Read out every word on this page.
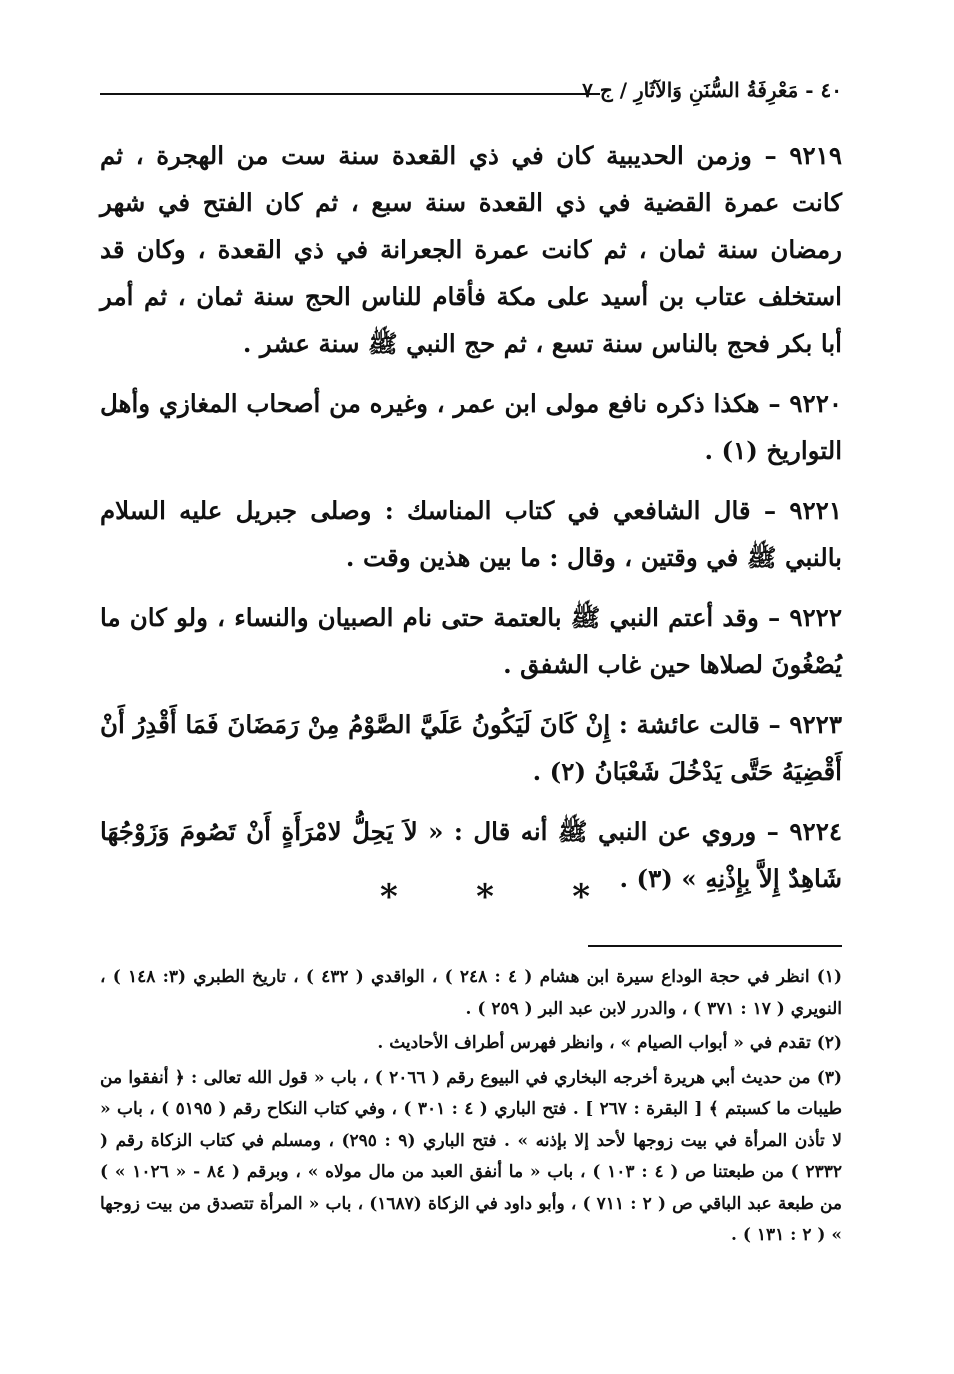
٤٠ - مَعْرِفَةُ السُّنَنِ وَالآثَارِ / ج ٧

٩٢١٩ – وزمن الحديبية كان في ذي القعدة سنة ست من الهجرة ، ثم كانت عمرة القضية في ذي القعدة سنة سبع ، ثم كان الفتح في شهر رمضان سنة ثمان ، ثم كانت عمرة الجعرانة في ذي القعدة ، وكان قد استخلف عتاب بن أسيد على مكة فأقام للناس الحج سنة ثمان ، ثم أمر أبا بكر فحج بالناس سنة تسع ، ثم حج النبي ﷺ سنة عشر .

٩٢٢٠ – هكذا ذكره نافع مولى ابن عمر ، وغيره من أصحاب المغازي وأهل التواريخ (١) .

٩٢٢١ – قال الشافعي في كتاب المناسك : وصلى جبريل عليه السلام بالنبي ﷺ في وقتين ، وقال : ما بين هذين وقت .

٩٢٢٢ – وقد أعتم النبي ﷺ بالعتمة حتى نام الصبيان والنساء ، ولو كان ما يُصْغُونَ لصلاها حين غاب الشفق .

٩٢٢٣ – قالت عائشة : إِنْ كَانَ لَيَكُونُ عَلَيَّ الصَّوْمُ مِنْ رَمَضَانَ فَمَا أَقْدِرُ أَنْ أَقْضِيَهُ حَتَّى يَدْخُلَ شَعْبَانُ (٢) .

٩٢٢٤ – وروي عن النبي ﷺ أنه قال : « لاَ يَحِلُّ لامْرَأَةٍ أَنْ تَصُومَ وَزَوْجُهَا شَاهِدٌ إِلاَّ بِإِذْنِهِ » (٣) .

* * *

(١) انظر في حجة الوداع سيرة ابن هشام ( ٤ : ٢٤٨ ) ، الواقدي ( ٤٣٢ ) ، تاريخ الطبري (٣: ١٤٨ ) ، النويري ( ١٧ : ٣٧١ ) ، والدرر لابن عبد البر ( ٢٥٩ ) .

(٢) تقدم في « أبواب الصيام » ، وانظر فهرس أطراف الأحاديث .

(٣) من حديث أبي هريرة أخرجه البخاري في البيوع رقم ( ٢٠٦٦ ) ، باب « قول الله تعالى : ﴿ أنفقوا من طيبات ما كسبتم ﴾ [ البقرة : ٢٦٧ ] . فتح الباري ( ٤ : ٣٠١ ) ، وفي كتاب النكاح رقم ( ٥١٩٥ ) ، باب « لا تأذن المرأة في بيت زوجها لأحد إلا بإذنه » . فتح الباري (٩ : ٢٩٥) ، ومسلم في كتاب الزكاة رقم ( ٢٣٣٢ ) من طبعتنا ص ( ٤ : ١٠٣ ) ، باب « ما أنفق العبد من مال مولاه » ، وبرقم ( ٨٤ - « ١٠٢٦ » ) من طبعة عبد الباقي ص ( ٢ : ٧١١ ) ، وأبو داود في الزكاة (١٦٨٧) ، باب « المرأة تتصدق من بيت زوجها » ( ٢ : ١٣١ ) .
